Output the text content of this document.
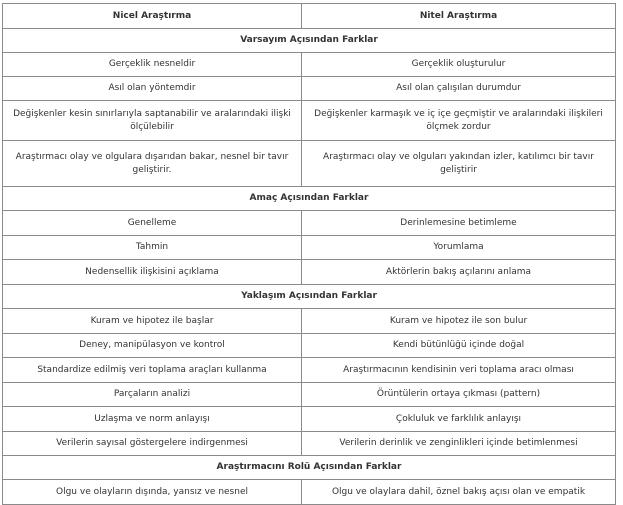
Nicel Araştırma	Nitel Araştırma
Varsayım Açısından Farklar	
Gerçeklik nesneldir	Gerçeklik oluşturulur
Asıl olan yöntemdir	Asıl olan çalışılan durumdur
Değişkenler kesin sınırlarıyla saptanabilir ve aralarındaki ilişki ölçülebilir	Değişkenler karmaşık ve iç içe geçmiştir ve aralarındaki ilişkileri ölçmek zordur
Araştırmacı olay ve olgulara dışarıdan bakar, nesnel bir tavır geliştirir.	Araştırmacı olay ve olguları yakından izler, katılımcı bir tavır geliştirir
Amaç Açısından Farklar	
Genelleme	Derinlemesine betimleme
Tahmin	Yorumlama
Nedensellik ilişkisini açıklama	Aktörlerin bakış açılarını anlama
Yaklaşım Açısından Farklar	
Kuram ve hipotez ile başlar	Kuram ve hipotez ile son bulur
Deney, manipülasyon ve kontrol	Kendi bütünlüğü içinde doğal
Standardize edilmiş veri toplama araçları kullanma	Araştırmacının kendisinin veri toplama aracı olması
Parçaların analizi	Örüntülerin ortaya çıkması (pattern)
Uzlaşma ve norm anlayışı	Çokluluk ve farklılık anlayışı
Verilerin sayısal göstergelere indirgenmesi	Verilerin derinlik ve zenginlikleri içinde betimlenmesi
Araştırmacını Rolü Açısından Farklar	
Olgu ve olayların dışında, yansız ve nesnel	Olgu ve olaylara dahil, öznel bakış açısı olan ve empatik
